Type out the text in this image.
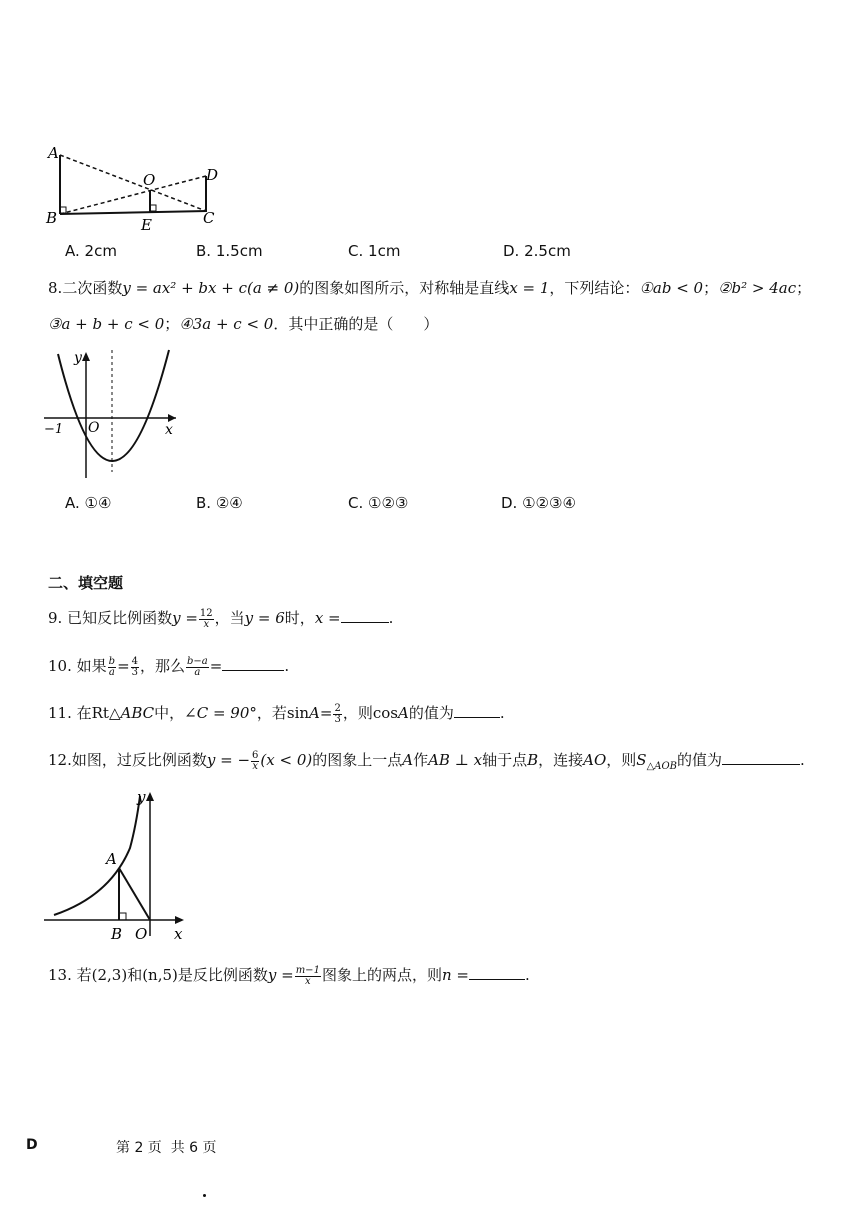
A
B
O	D
E	C
A. 2cm	B. 1.5cm	C. 1cm	D. 2.5cm
8.二次函数y = ax² + bx + c(a ≠ 0)的图象如图所示，对称轴是直线x = 1，下列结论：①ab < 0；②b² > 4ac；
③a + b + c < 0；④3a + c < 0．其中正确的是（　　）
y
x
O
−1
A. ①④	B. ②④	C. ①②③	D. ①②③④
二、填空题
9. 已知反比例函数$y = \frac{12}{x}$ ，当y = 6时，x =	.
10. 如果 $\frac{b}{a} = \frac{4}{3}$ ，那么 $\frac{b-a}{a}$ =	.
11. 在Rt△ABC中，∠C = 90°，若$\sin A= \frac{2}{3}$ ，则cosA的值为	.
12.如图，过反比例函数y = − $\frac{6}{x} (x < 0)$的图象上一点A作AB ⊥ x轴于点B，连接AO，则$S_{\triangle AOB}$的值为	.
y
A
B O x
13. 若(2,3)和(n,5)是反比例函数$y = \frac{m-1}{x}$ 图象上的两点，则n =	.
D	第 2 页  共 6 页
